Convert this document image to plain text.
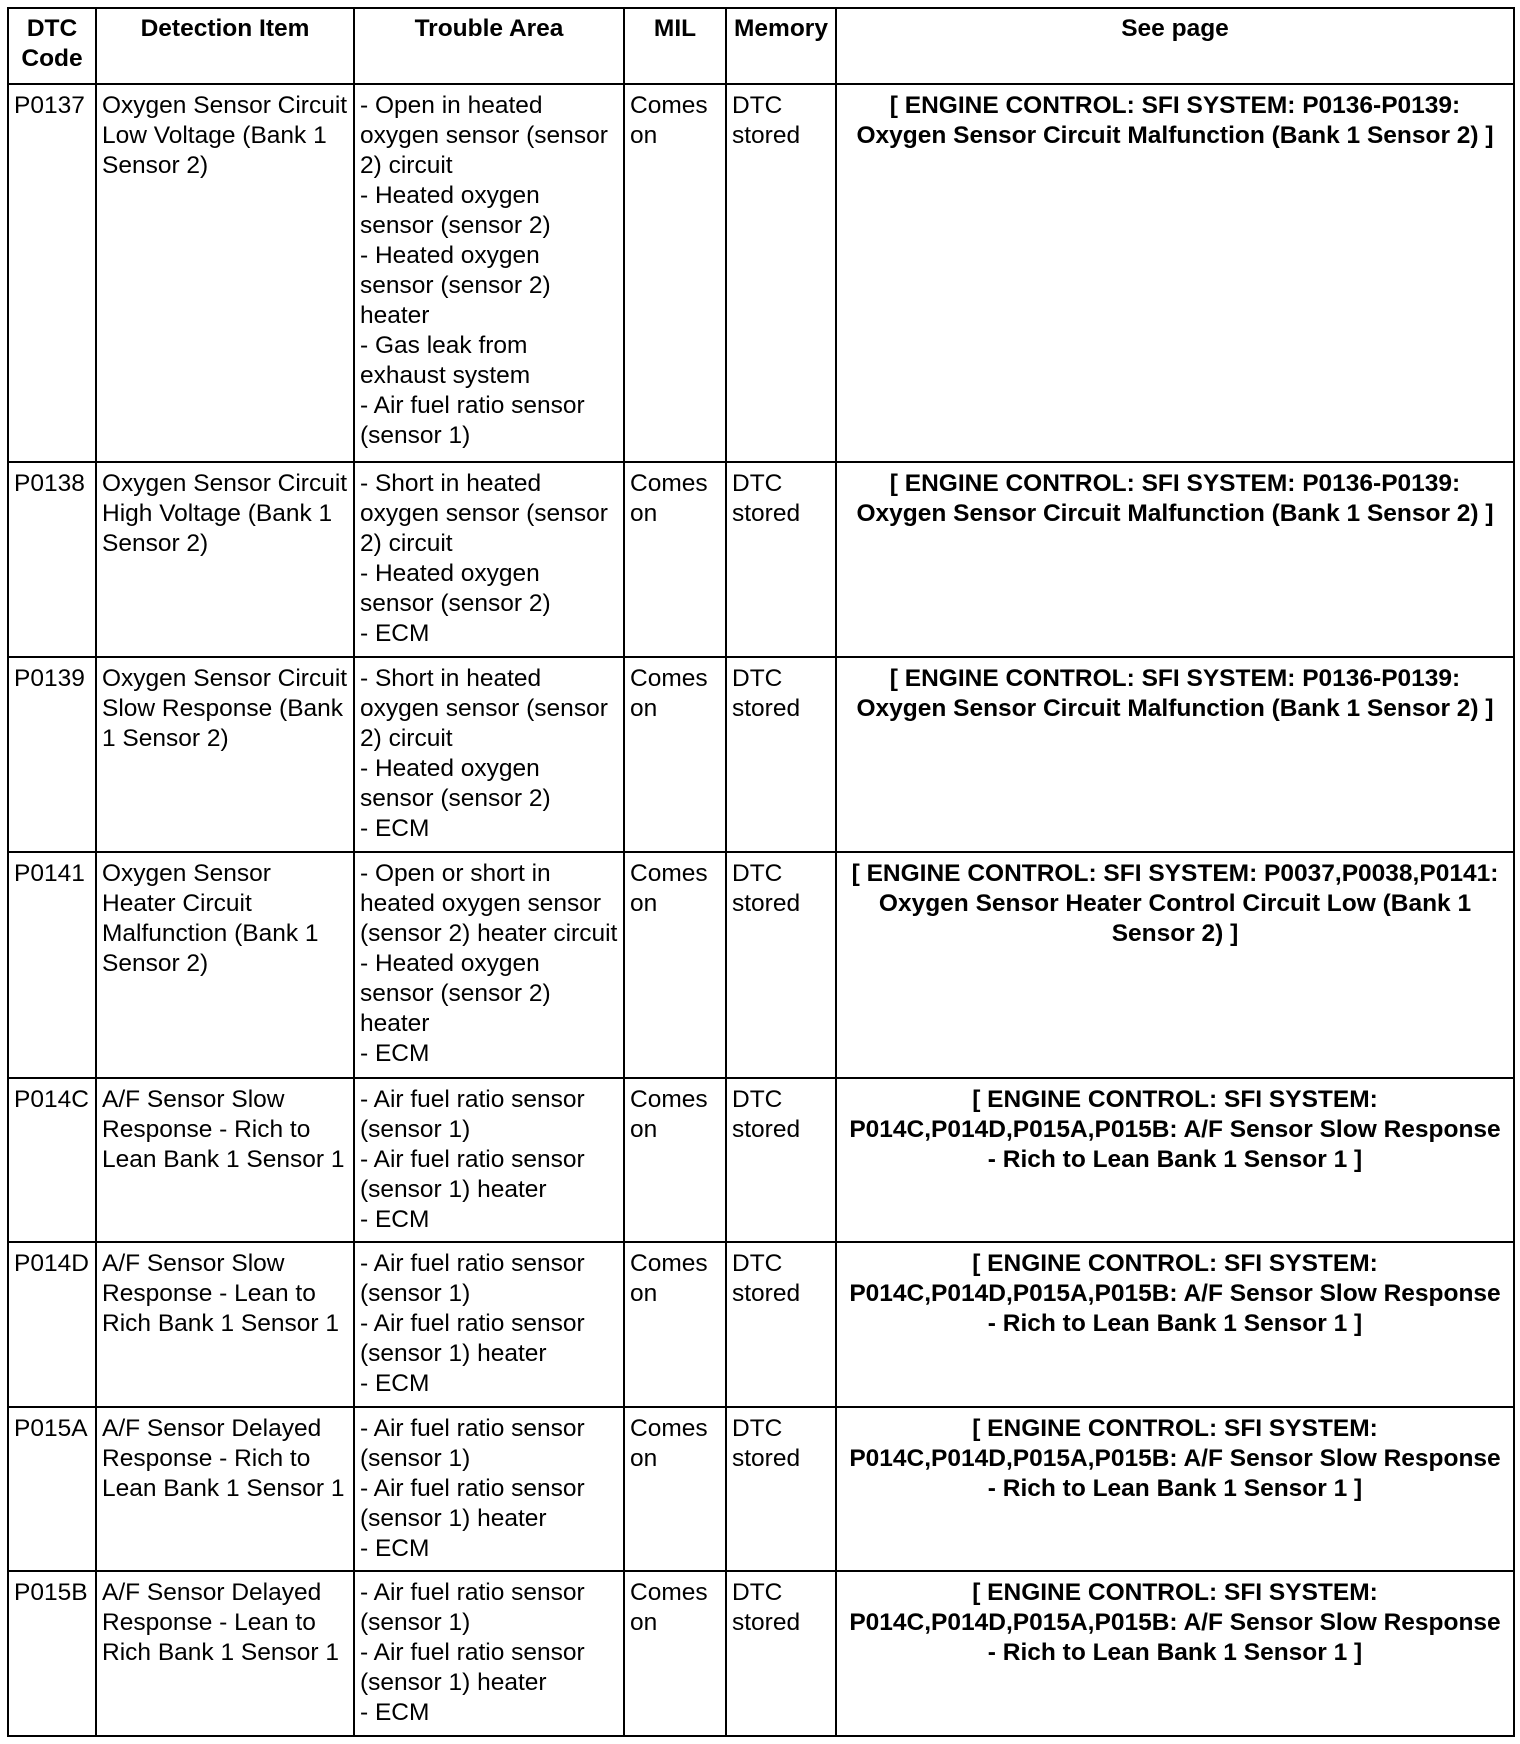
DTC Code	Detection Item	Trouble Area	MIL	Memory	See page
P0137	Oxygen Sensor Circuit Low Voltage (Bank 1 Sensor 2)	- Open in heated oxygen sensor (sensor 2) circuit
- Heated oxygen sensor (sensor 2)
- Heated oxygen sensor (sensor 2) heater
- Gas leak from exhaust system
- Air fuel ratio sensor (sensor 1)	Comes on	DTC stored	[ ENGINE CONTROL: SFI SYSTEM: P0136-P0139: Oxygen Sensor Circuit Malfunction (Bank 1 Sensor 2) ]
P0138	Oxygen Sensor Circuit High Voltage (Bank 1 Sensor 2)	- Short in heated oxygen sensor (sensor 2) circuit
- Heated oxygen sensor (sensor 2)
- ECM	Comes on	DTC stored	[ ENGINE CONTROL: SFI SYSTEM: P0136-P0139: Oxygen Sensor Circuit Malfunction (Bank 1 Sensor 2) ]
P0139	Oxygen Sensor Circuit Slow Response (Bank 1 Sensor 2)	- Short in heated oxygen sensor (sensor 2) circuit
- Heated oxygen sensor (sensor 2)
- ECM	Comes on	DTC stored	[ ENGINE CONTROL: SFI SYSTEM: P0136-P0139: Oxygen Sensor Circuit Malfunction (Bank 1 Sensor 2) ]
P0141	Oxygen Sensor Heater Circuit Malfunction (Bank 1 Sensor 2)	- Open or short in heated oxygen sensor (sensor 2) heater circuit
- Heated oxygen sensor (sensor 2) heater
- ECM	Comes on	DTC stored	[ ENGINE CONTROL: SFI SYSTEM: P0037,P0038,P0141: Oxygen Sensor Heater Control Circuit Low (Bank 1 Sensor 2) ]
P014C	A/F Sensor Slow Response - Rich to Lean Bank 1 Sensor 1	- Air fuel ratio sensor (sensor 1)
- Air fuel ratio sensor (sensor 1) heater
- ECM	Comes on	DTC stored	[ ENGINE CONTROL: SFI SYSTEM: P014C,P014D,P015A,P015B: A/F Sensor Slow Response - Rich to Lean Bank 1 Sensor 1 ]
P014D	A/F Sensor Slow Response - Lean to Rich Bank 1 Sensor 1	- Air fuel ratio sensor (sensor 1)
- Air fuel ratio sensor (sensor 1) heater
- ECM	Comes on	DTC stored	[ ENGINE CONTROL: SFI SYSTEM: P014C,P014D,P015A,P015B: A/F Sensor Slow Response - Rich to Lean Bank 1 Sensor 1 ]
P015A	A/F Sensor Delayed Response - Rich to Lean Bank 1 Sensor 1	- Air fuel ratio sensor (sensor 1)
- Air fuel ratio sensor (sensor 1) heater
- ECM	Comes on	DTC stored	[ ENGINE CONTROL: SFI SYSTEM: P014C,P014D,P015A,P015B: A/F Sensor Slow Response - Rich to Lean Bank 1 Sensor 1 ]
P015B	A/F Sensor Delayed Response - Lean to Rich Bank 1 Sensor 1	- Air fuel ratio sensor (sensor 1)
- Air fuel ratio sensor (sensor 1) heater
- ECM	Comes on	DTC stored	[ ENGINE CONTROL: SFI SYSTEM: P014C,P014D,P015A,P015B: A/F Sensor Slow Response - Rich to Lean Bank 1 Sensor 1 ]
